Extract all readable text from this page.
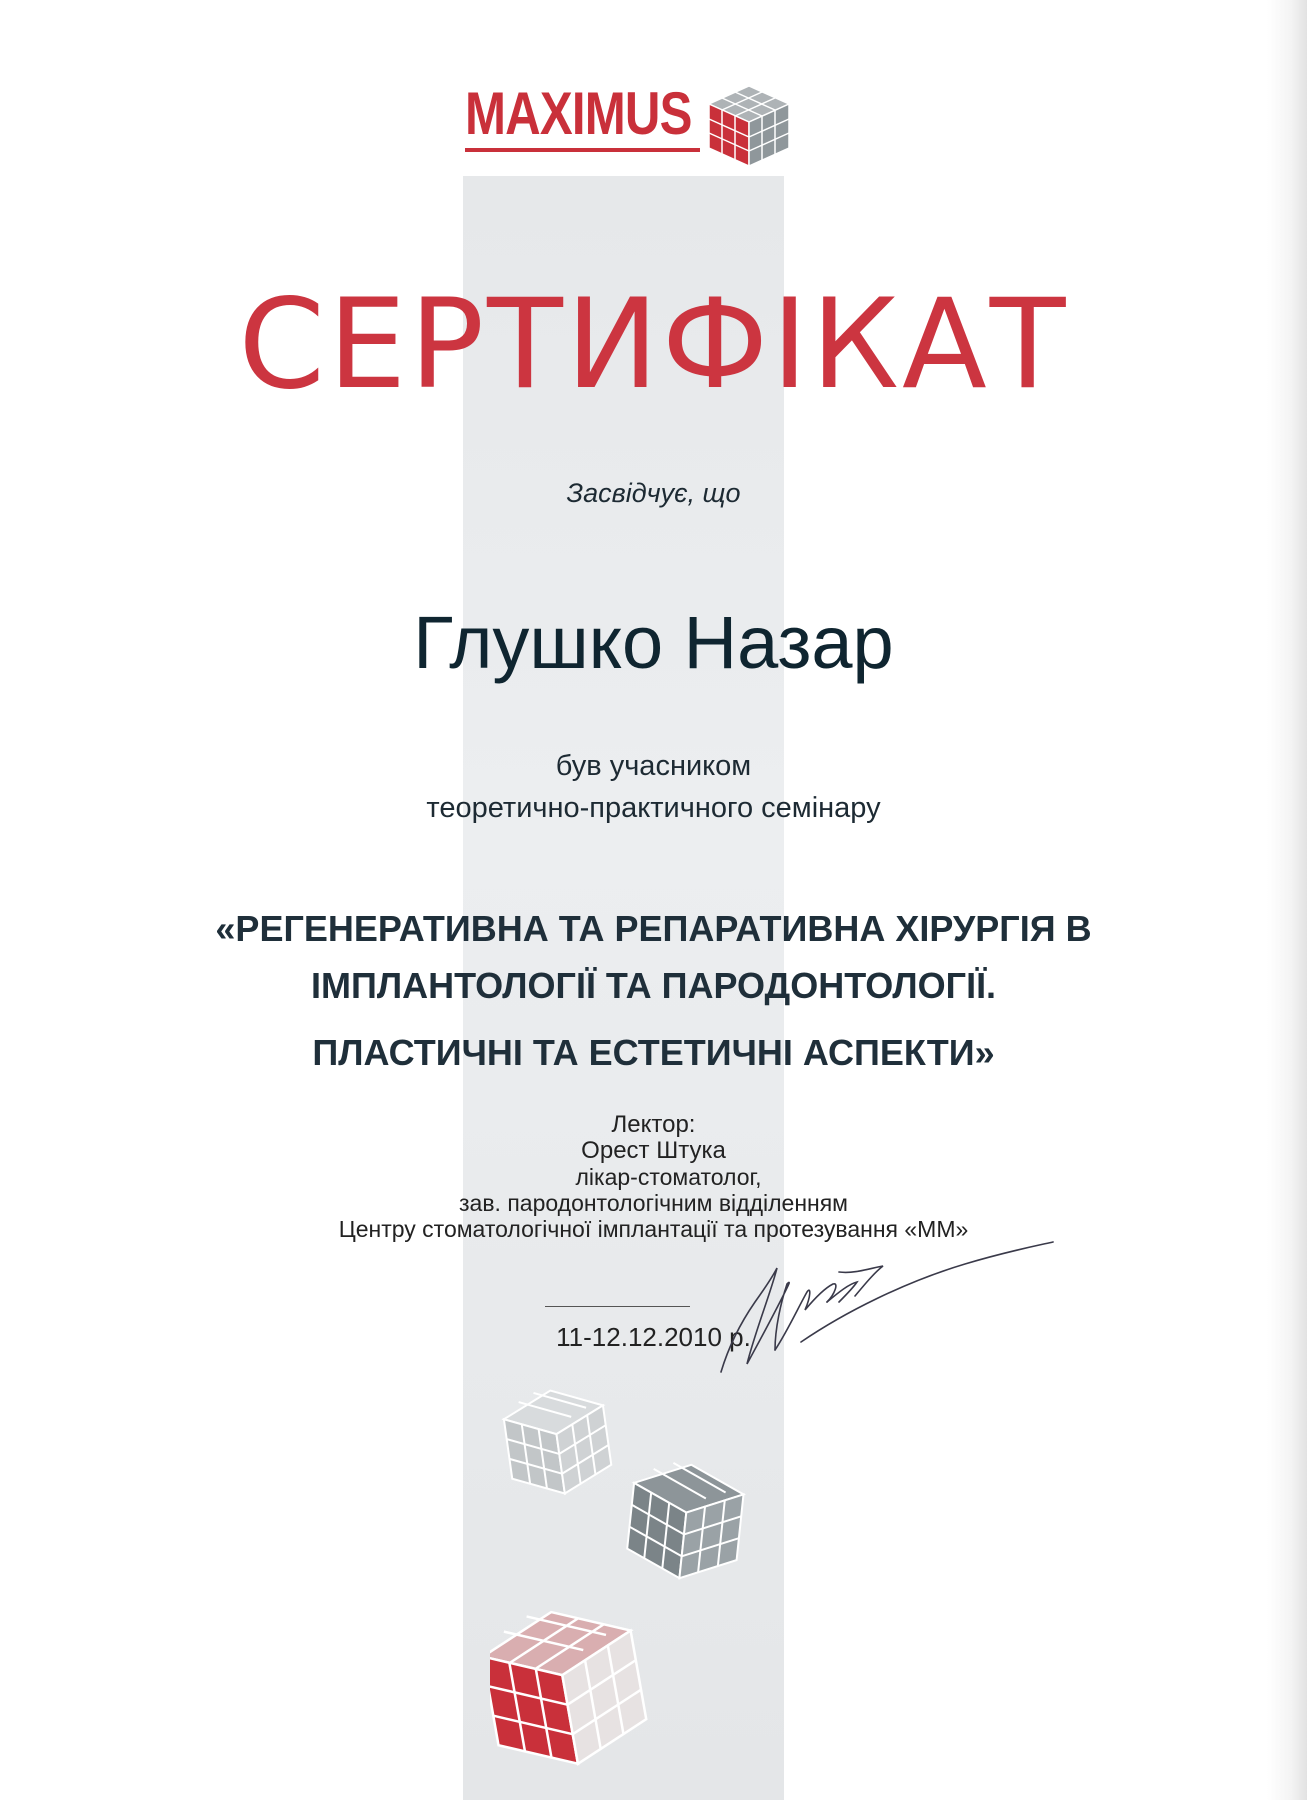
MAXIMUS
СЕРТИФІКАТ
Засвідчує, що
Глушко Назар
був учасником
теоретично-практичного семінару
«РЕГЕНЕРАТИВНА ТА РЕПАРАТИВНА ХІРУРГІЯ В
ІМПЛАНТОЛОГІЇ ТА ПАРОДОНТОЛОГІЇ.
ПЛАСТИЧНІ ТА ЕСТЕТИЧНІ АСПЕКТИ»
Лектор:
Орест Штука
лікар-стоматолог,
зав. пародонтологічним відділенням
Центру стоматологічної імплантації та протезування «ММ»
11-12.12.2010 р.
